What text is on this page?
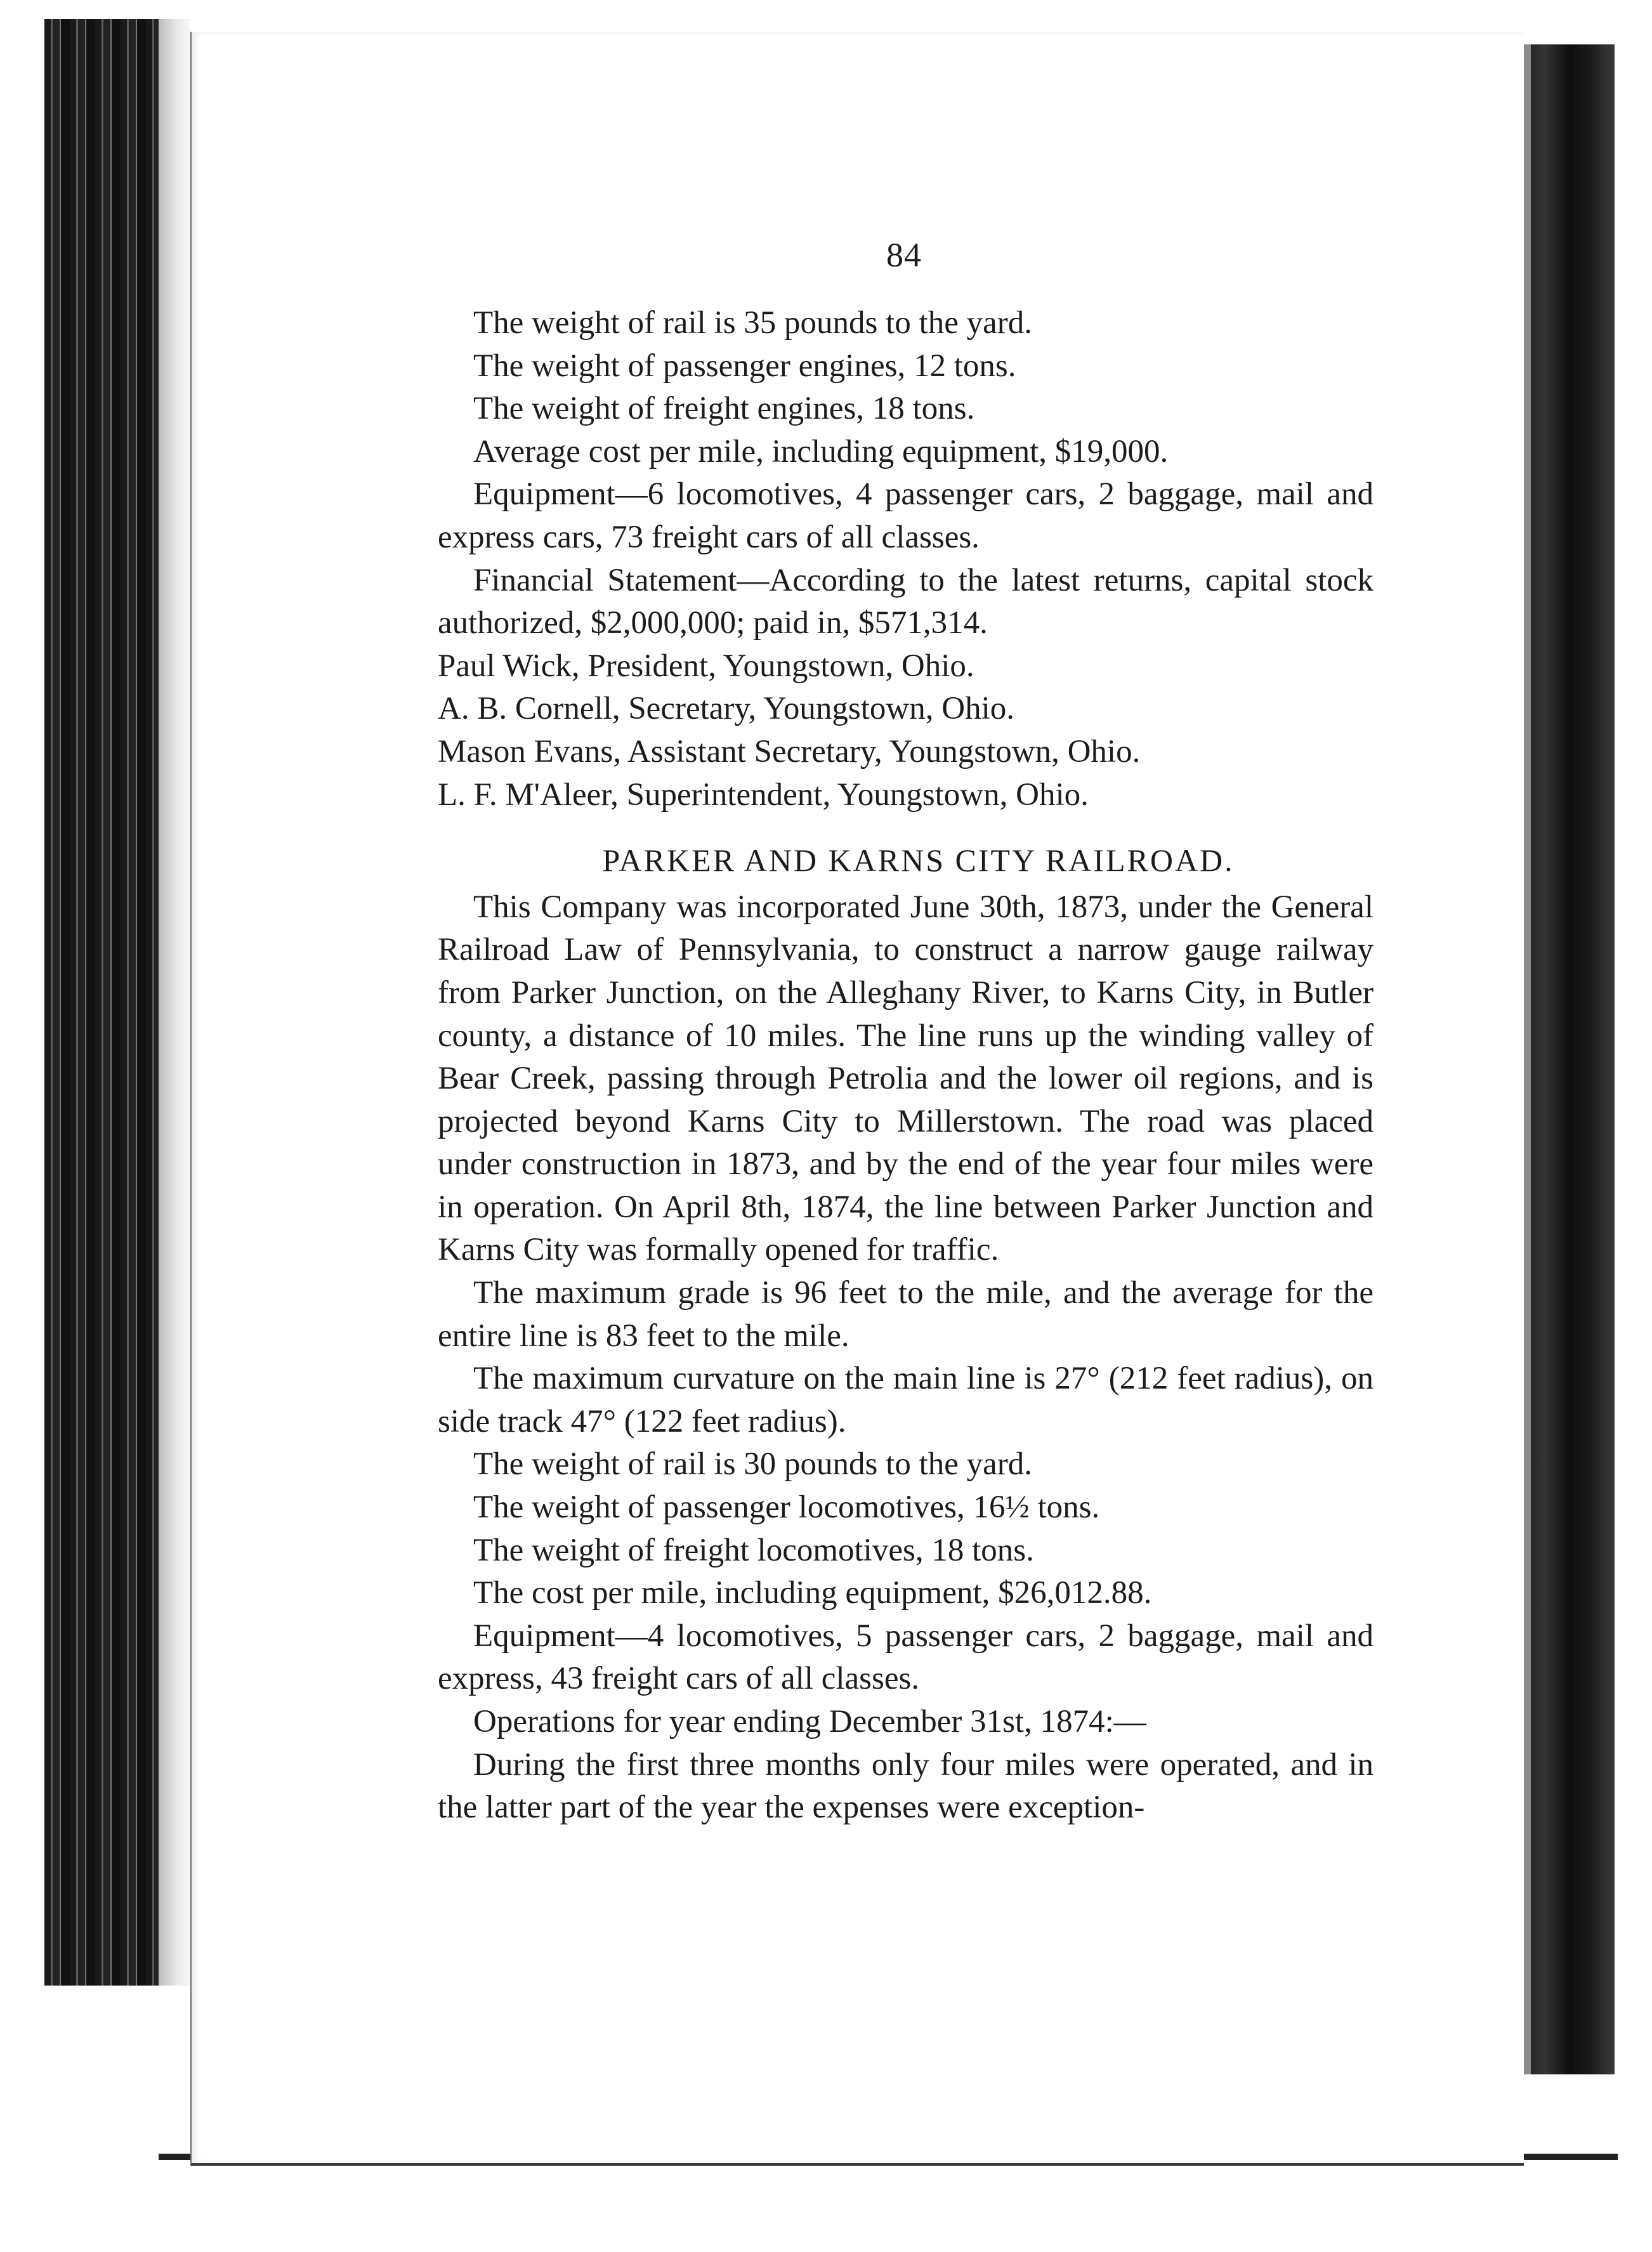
84

The weight of rail is 35 pounds to the yard.

The weight of passenger engines, 12 tons.

The weight of freight engines, 18 tons.

Average cost per mile, including equipment, $19,000.

Equipment—6 locomotives, 4 passenger cars, 2 baggage, mail and express cars, 73 freight cars of all classes.

Financial Statement—According to the latest returns, capital stock authorized, $2,000,000; paid in, $571,314.

Paul Wick, President, Youngstown, Ohio.

A. B. Cornell, Secretary, Youngstown, Ohio.

Mason Evans, Assistant Secretary, Youngstown, Ohio.

L. F. M'Aleer, Superintendent, Youngstown, Ohio.

PARKER AND KARNS CITY RAILROAD.

This Company was incorporated June 30th, 1873, under the General Railroad Law of Pennsylvania, to construct a narrow gauge railway from Parker Junction, on the Alleghany River, to Karns City, in Butler county, a distance of 10 miles. The line runs up the winding valley of Bear Creek, passing through Petrolia and the lower oil regions, and is projected beyond Karns City to Millerstown. The road was placed under construction in 1873, and by the end of the year four miles were in operation. On April 8th, 1874, the line between Parker Junction and Karns City was formally opened for traffic.

The maximum grade is 96 feet to the mile, and the average for the entire line is 83 feet to the mile.

The maximum curvature on the main line is 27° (212 feet radius), on side track 47° (122 feet radius).

The weight of rail is 30 pounds to the yard.

The weight of passenger locomotives, 16½ tons.

The weight of freight locomotives, 18 tons.

The cost per mile, including equipment, $26,012.88.

Equipment—4 locomotives, 5 passenger cars, 2 baggage, mail and express, 43 freight cars of all classes.

Operations for year ending December 31st, 1874:—

During the first three months only four miles were operated, and in the latter part of the year the expenses were exception-
